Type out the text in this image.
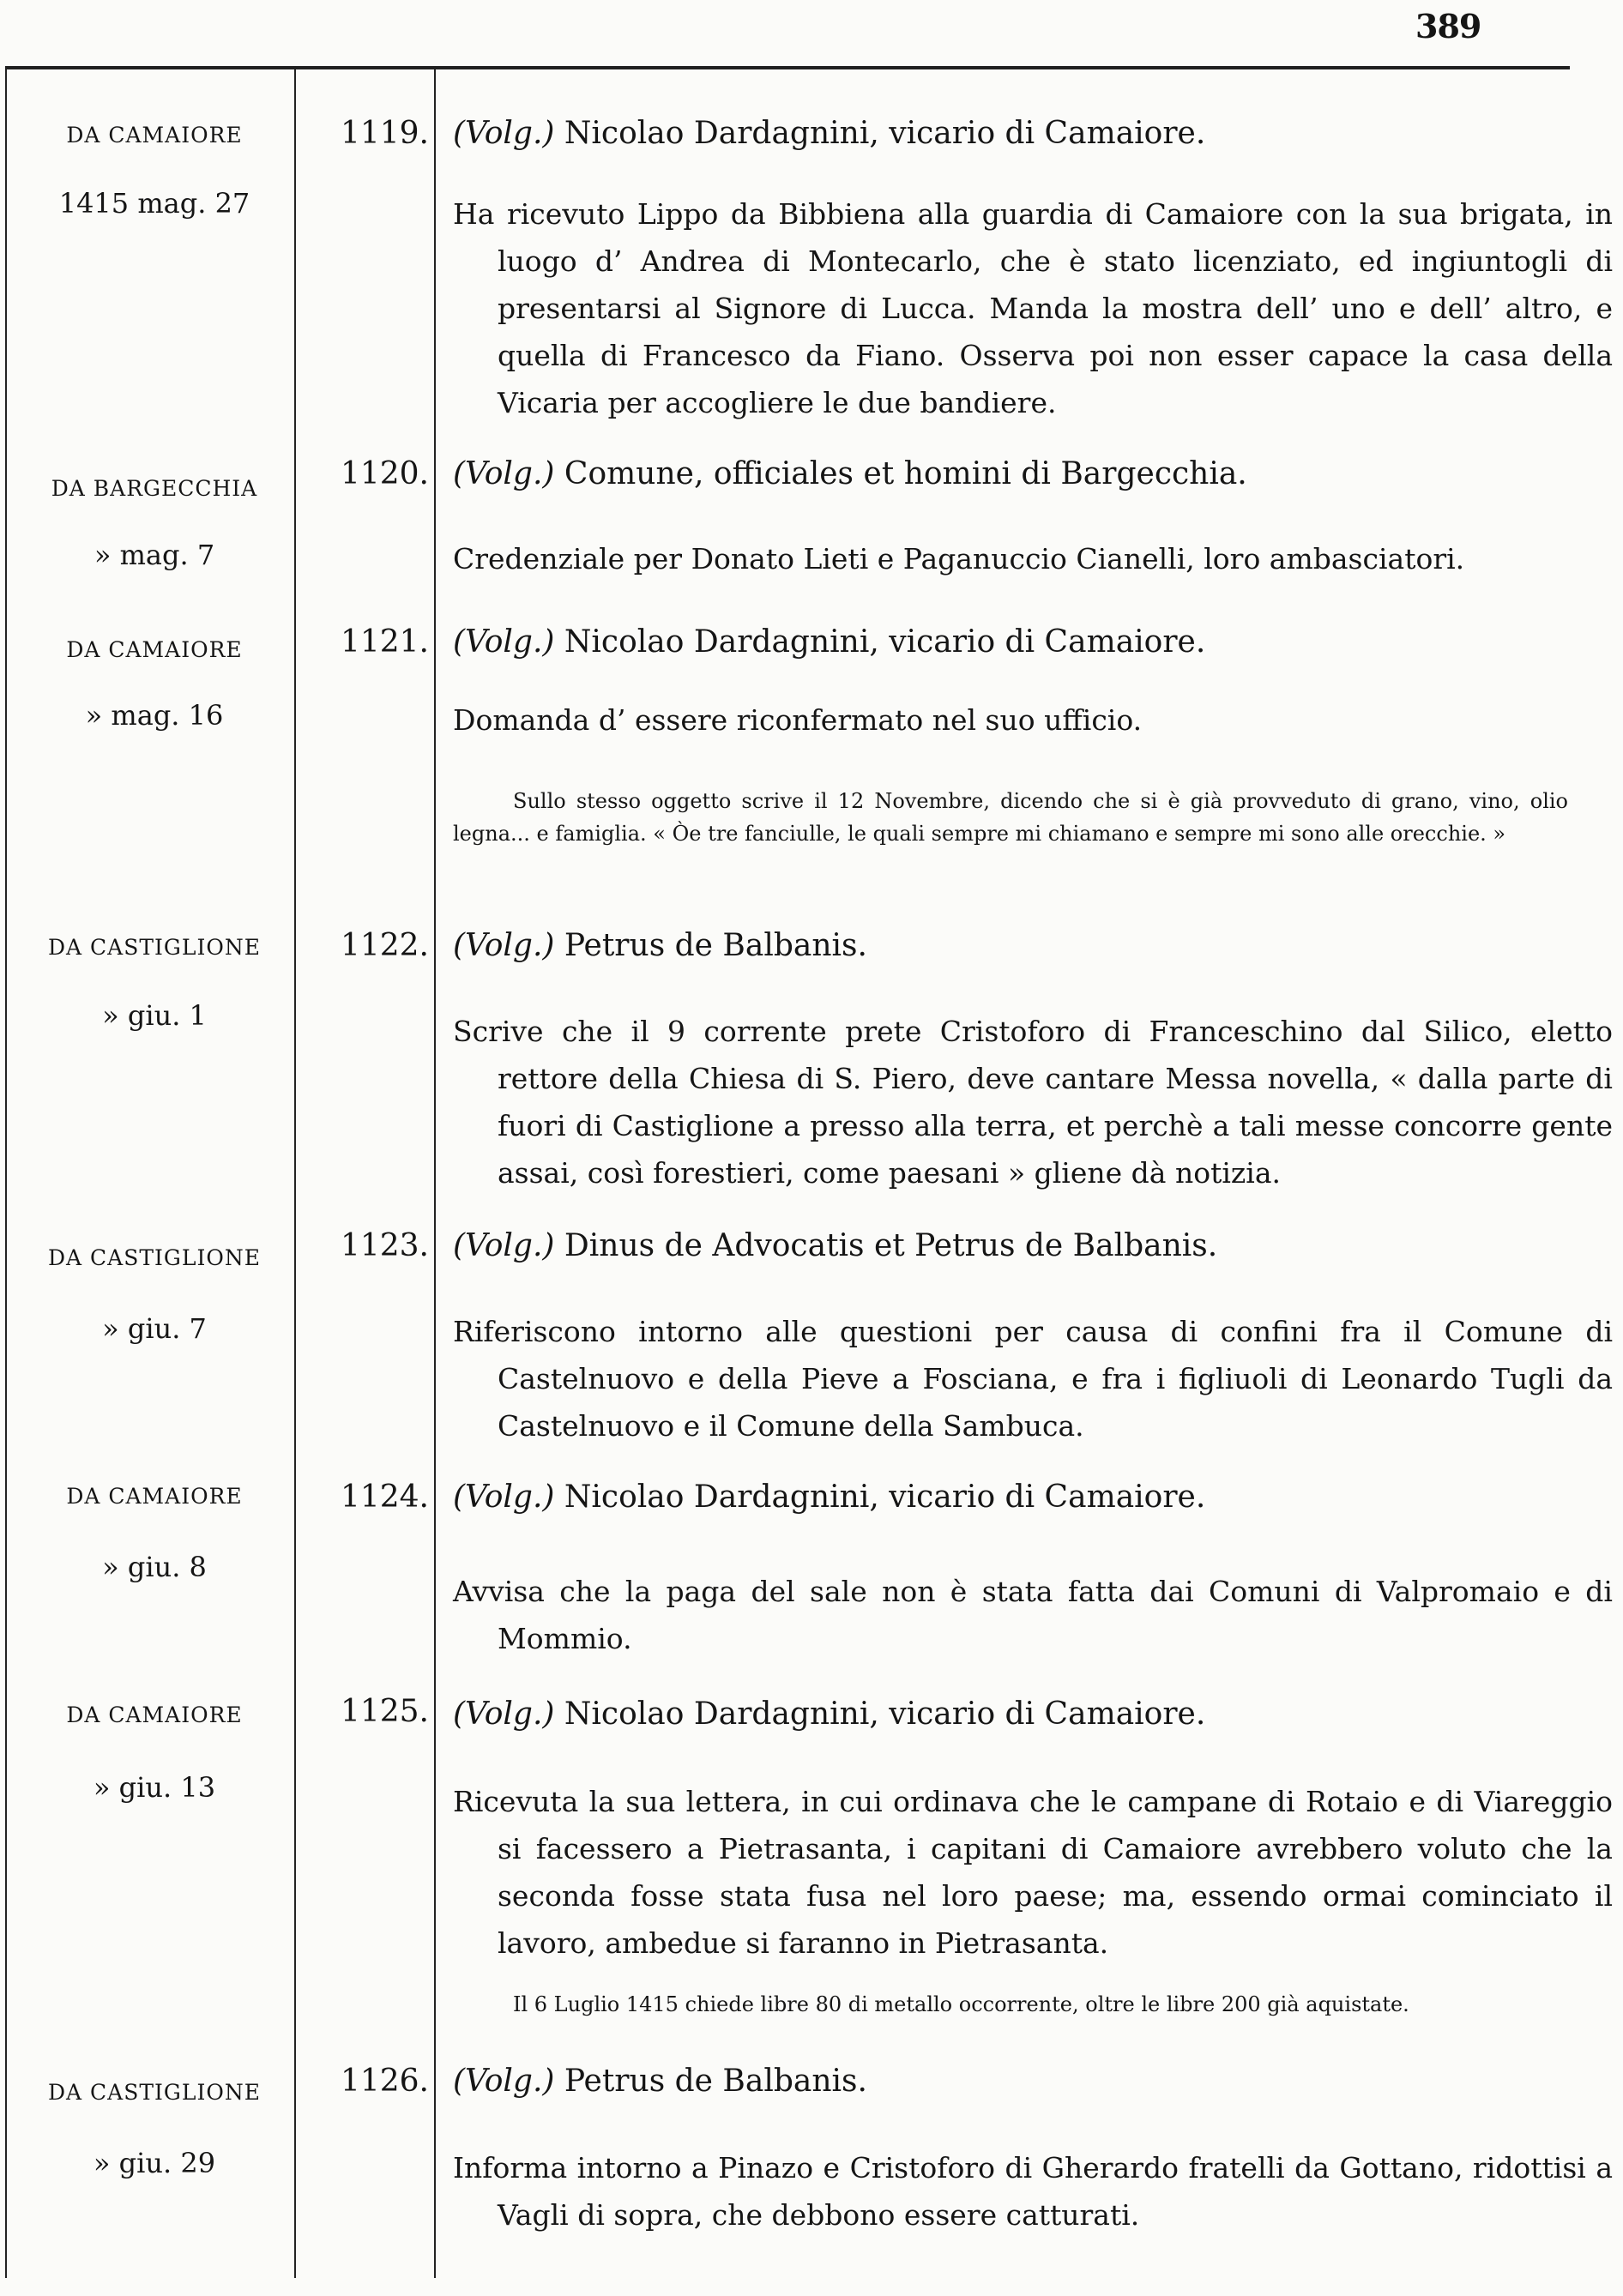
389
DA CAMAIORE
1415 mag. 27
1119. (Volg.) Nicolao Dardagnini, vicario di Camaiore.
Ha ricevuto Lippo da Bibbiena alla guardia di Camaiore con la sua brigata, in luogo d’ Andrea di Montecarlo, che è stato licenziato, ed ingiuntogli di presentarsi al Signore di Lucca. Manda la mostra dell’ uno e dell’ altro, e quella di Francesco da Fiano. Osserva poi non esser capace la casa della Vicaria per accogliere le due bandiere.
DA BARGECCHIA
» mag. 7
1120. (Volg.) Comune, officiales et homini di Bargecchia.
Credenziale per Donato Lieti e Paganuccio Cianelli, loro ambasciatori.
DA CAMAIORE
» mag. 16
1121. (Volg.) Nicolao Dardagnini, vicario di Camaiore.
Domanda d’ essere riconfermato nel suo ufficio.
Sullo stesso oggetto scrive il 12 Novembre, dicendo che si è già provveduto di grano, vino, olio legna... e famiglia. « Òe tre fanciulle, le quali sempre mi chiamano e sempre mi sono alle orecchie. »
DA CASTIGLIONE
» giu. 1
1122. (Volg.) Petrus de Balbanis.
Scrive che il 9 corrente prete Cristoforo di Franceschino dal Silico, eletto rettore della Chiesa di S. Piero, deve cantare Messa novella, « dalla parte di fuori di Castiglione a presso alla terra, et perchè a tali messe concorre gente assai, così forestieri, come paesani » gliene dà notizia.
DA CASTIGLIONE
» giu. 7
1123. (Volg.) Dinus de Advocatis et Petrus de Balbanis.
Riferiscono intorno alle questioni per causa di confini fra il Comune di Castelnuovo e della Pieve a Fosciana, e fra i figliuoli di Leonardo Tugli da Castelnuovo e il Comune della Sambuca.
DA CAMAIORE
» giu. 8
1124. (Volg.) Nicolao Dardagnini, vicario di Camaiore.
Avvisa che la paga del sale non è stata fatta dai Comuni di Valpromaio e di Mommio.
DA CAMAIORE
» giu. 13
1125. (Volg.) Nicolao Dardagnini, vicario di Camaiore.
Ricevuta la sua lettera, in cui ordinava che le campane di Rotaio e di Viareggio si facessero a Pietrasanta, i capitani di Camaiore avrebbero voluto che la seconda fosse stata fusa nel loro paese; ma, essendo ormai cominciato il lavoro, ambedue si faranno in Pietrasanta.
Il 6 Luglio 1415 chiede libre 80 di metallo occorrente, oltre le libre 200 già aquistate.
DA CASTIGLIONE
» giu. 29
1126. (Volg.) Petrus de Balbanis.
Informa intorno a Pinazo e Cristoforo di Gherardo fratelli da Gottano, ridottisi a Vagli di sopra, che debbono essere catturati.
